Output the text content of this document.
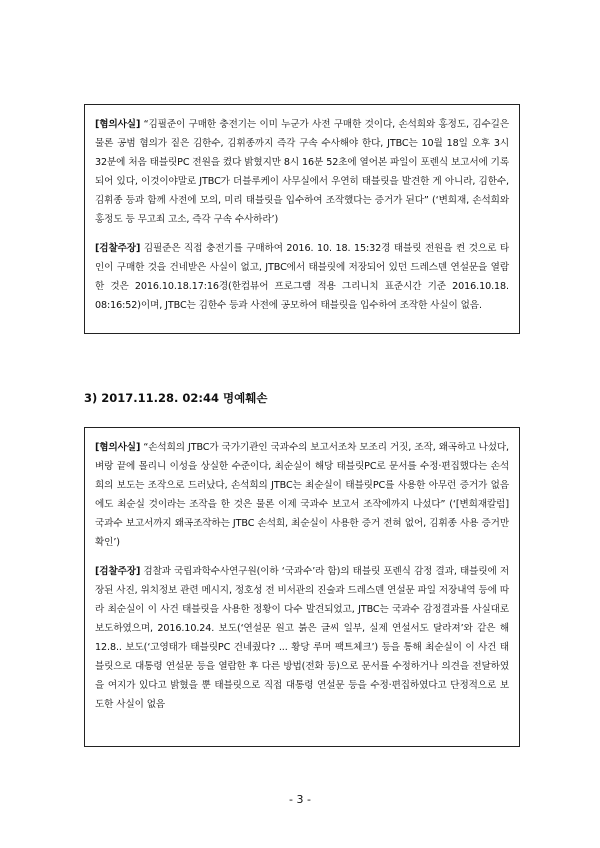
[혐의사실] “김필준이 구매한 충전기는 이미 누군가 사전 구매한 것이다, 손석희와 홍정도, 김수길은 물론 공범 혐의가 짙은 김한수, 김휘종까지 즉각 구속 수사해야 한다, JTBC는 10월 18일 오후 3시 32분에 처음 태블릿PC 전원을 켰다 밝혔지만 8시 16분 52초에 열어본 파일이 포렌식 보고서에 기록되어 있다, 이것이야말로 JTBC가 더블루케이 사무실에서 우연히 태블릿을 발견한 게 아니라, 김한수, 김휘종 등과 함께 사전에 모의, 미리 태블릿을 입수하여 조작했다는 증거가 된다” (‘변희재, 손석희와 홍정도 등 무고죄 고소, 즉각 구속 수사하라’)

[검찰주장] 김필준은 직접 충전기를 구매하여 2016. 10. 18. 15:32경 태블릿 전원을 켠 것으로 타인이 구매한 것을 건네받은 사실이 없고, JTBC에서 태블릿에 저장되어 있던 드레스덴 연설문을 열람한 것은 2016.10.18.17:16경(한컴뷰어 프로그램 적용 그리니치 표준시간 기준 2016.10.18. 08:16:52)이며, JTBC는 김한수 등과 사전에 공모하여 태블릿을 입수하여 조작한 사실이 없음.

3) 2017.11.28. 02:44 명예훼손

[혐의사실] “손석희의 JTBC가 국가기관인 국과수의 보고서조차 모조리 거짓, 조작, 왜곡하고 나섰다, 벼랑 끝에 몰리니 이성을 상실한 수준이다, 최순실이 해당 태블릿PC로 문서를 수정·편집했다는 손석희의 보도는 조작으로 드러났다, 손석희의 JTBC는 최순실이 태블릿PC를 사용한 아무런 증거가 없음에도 최순실 것이라는 조작을 한 것은 물론 이제 국과수 보고서 조작에까지 나섰다” (‘[변희재칼럼] 국과수 보고서까지 왜곡조작하는 JTBC 손석희, 최순실이 사용한 증거 전혀 없어, 김휘종 사용 증거만 확인’)

[검찰주장] 검찰과 국립과학수사연구원(이하 ‘국과수’라 함)의 태블릿 포렌식 감정 결과, 태블릿에 저장된 사진, 위치정보 관련 메시지, 정호성 전 비서관의 진술과 드레스덴 연설문 파일 저장내역 등에 따라 최순실이 이 사건 태블릿을 사용한 정황이 다수 발견되었고, JTBC는 국과수 감정결과를 사실대로 보도하였으며, 2016.10.24. 보도(‘연설문 원고 붉은 글씨 일부, 실제 연설서도 달라져’와 같은 해 12.8.. 보도(‘고영태가 태블릿PC 건네줬다? ... 황당 루머 팩트체크’) 등을 통해 최순실이 이 사건 태블릿으로 대통령 연설문 등을 열람한 후 다른 방법(전화 등)으로 문서를 수정하거나 의견을 전달하였을 여지가 있다고 밝혔을 뿐 태블릿으로 직접 대통령 연설문 등을 수정·편집하였다고 단정적으로 보도한 사실이 없음

- 3 -
